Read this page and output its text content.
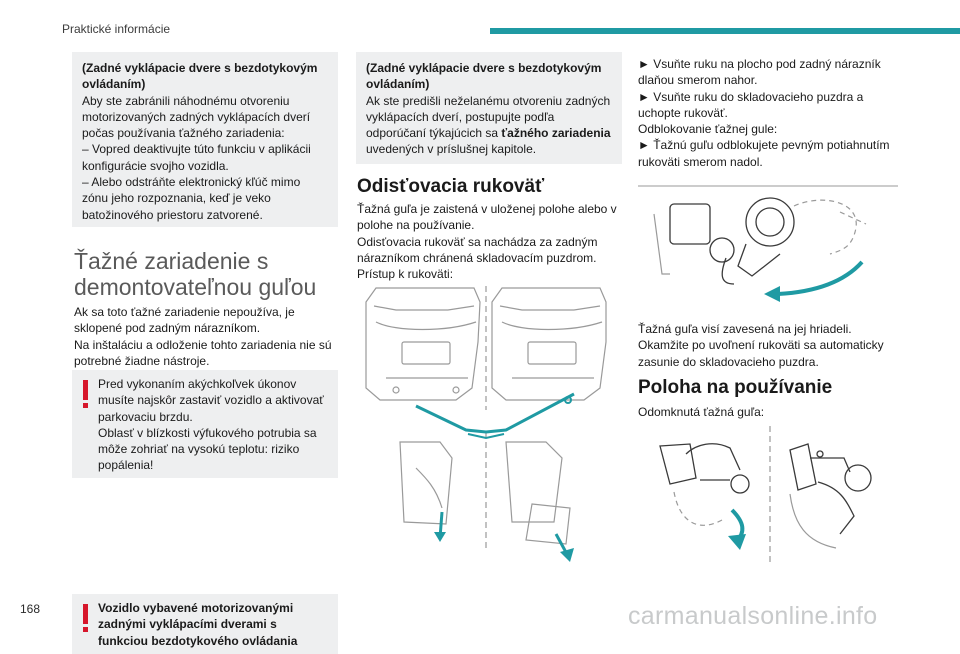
Praktické informácie

(Zadné vyklápacie dvere s bezdotykovým ovládaním)

Aby ste zabránili náhodnému otvoreniu motorizovaných zadných vyklápacích dverí počas používania ťažného zariadenia:

– Vopred deaktivujte túto funkciu v aplikácii konfigurácie svojho vozidla.

– Alebo odstráňte elektronický kľúč mimo zónu jeho rozpoznania, keď je veko batožinového priestoru zatvorené.

Ťažné zariadenie s demontovateľnou guľou

Ak sa toto ťažné zariadenie nepoužíva, je sklopené pod zadným nárazníkom.

Na inštaláciu a odloženie tohto zariadenia nie sú potrebné žiadne nástroje.

Pred vykonaním akýchkoľvek úkonov musíte najskôr zastaviť vozidlo a aktivovať parkovaciu brzdu.

Oblasť v blízkosti výfukového potrubia sa môže zohriať na vysokú teplotu: riziko popálenia!

Vozidlo vybavené motorizovanými zadnými vyklápacími dverami s funkciou bezdotykového ovládania

(Zadné vyklápacie dvere s bezdotykovým ovládaním)

Ak ste predišli neželanému otvoreniu zadných vyklápacích dverí, postupujte podľa odporúčaní týkajúcich sa ťažného zariadenia uvedených v príslušnej kapitole.

Odisťovacia rukoväť

Ťažná guľa je zaistená v uloženej polohe alebo v polohe na používanie.

Odisťovacia rukoväť sa nachádza za zadným nárazníkom chránená skladovacím puzdrom.

Prístup k rukoväti:

► Vsuňte ruku na plocho pod zadný nárazník dlaňou smerom nahor.

► Vsuňte ruku do skladovacieho puzdra a uchopte rukoväť.

Odblokovanie ťažnej gule:

► Ťažnú guľu odblokujete pevným potiahnutím rukoväti smerom nadol.

Ťažná guľa visí zavesená na jej hriadeli. Okamžite po uvoľnení rukoväti sa automaticky zasunie do skladovacieho puzdra.

Poloha na používanie

Odomknutá ťažná guľa:

168	carmanualsonline.info
